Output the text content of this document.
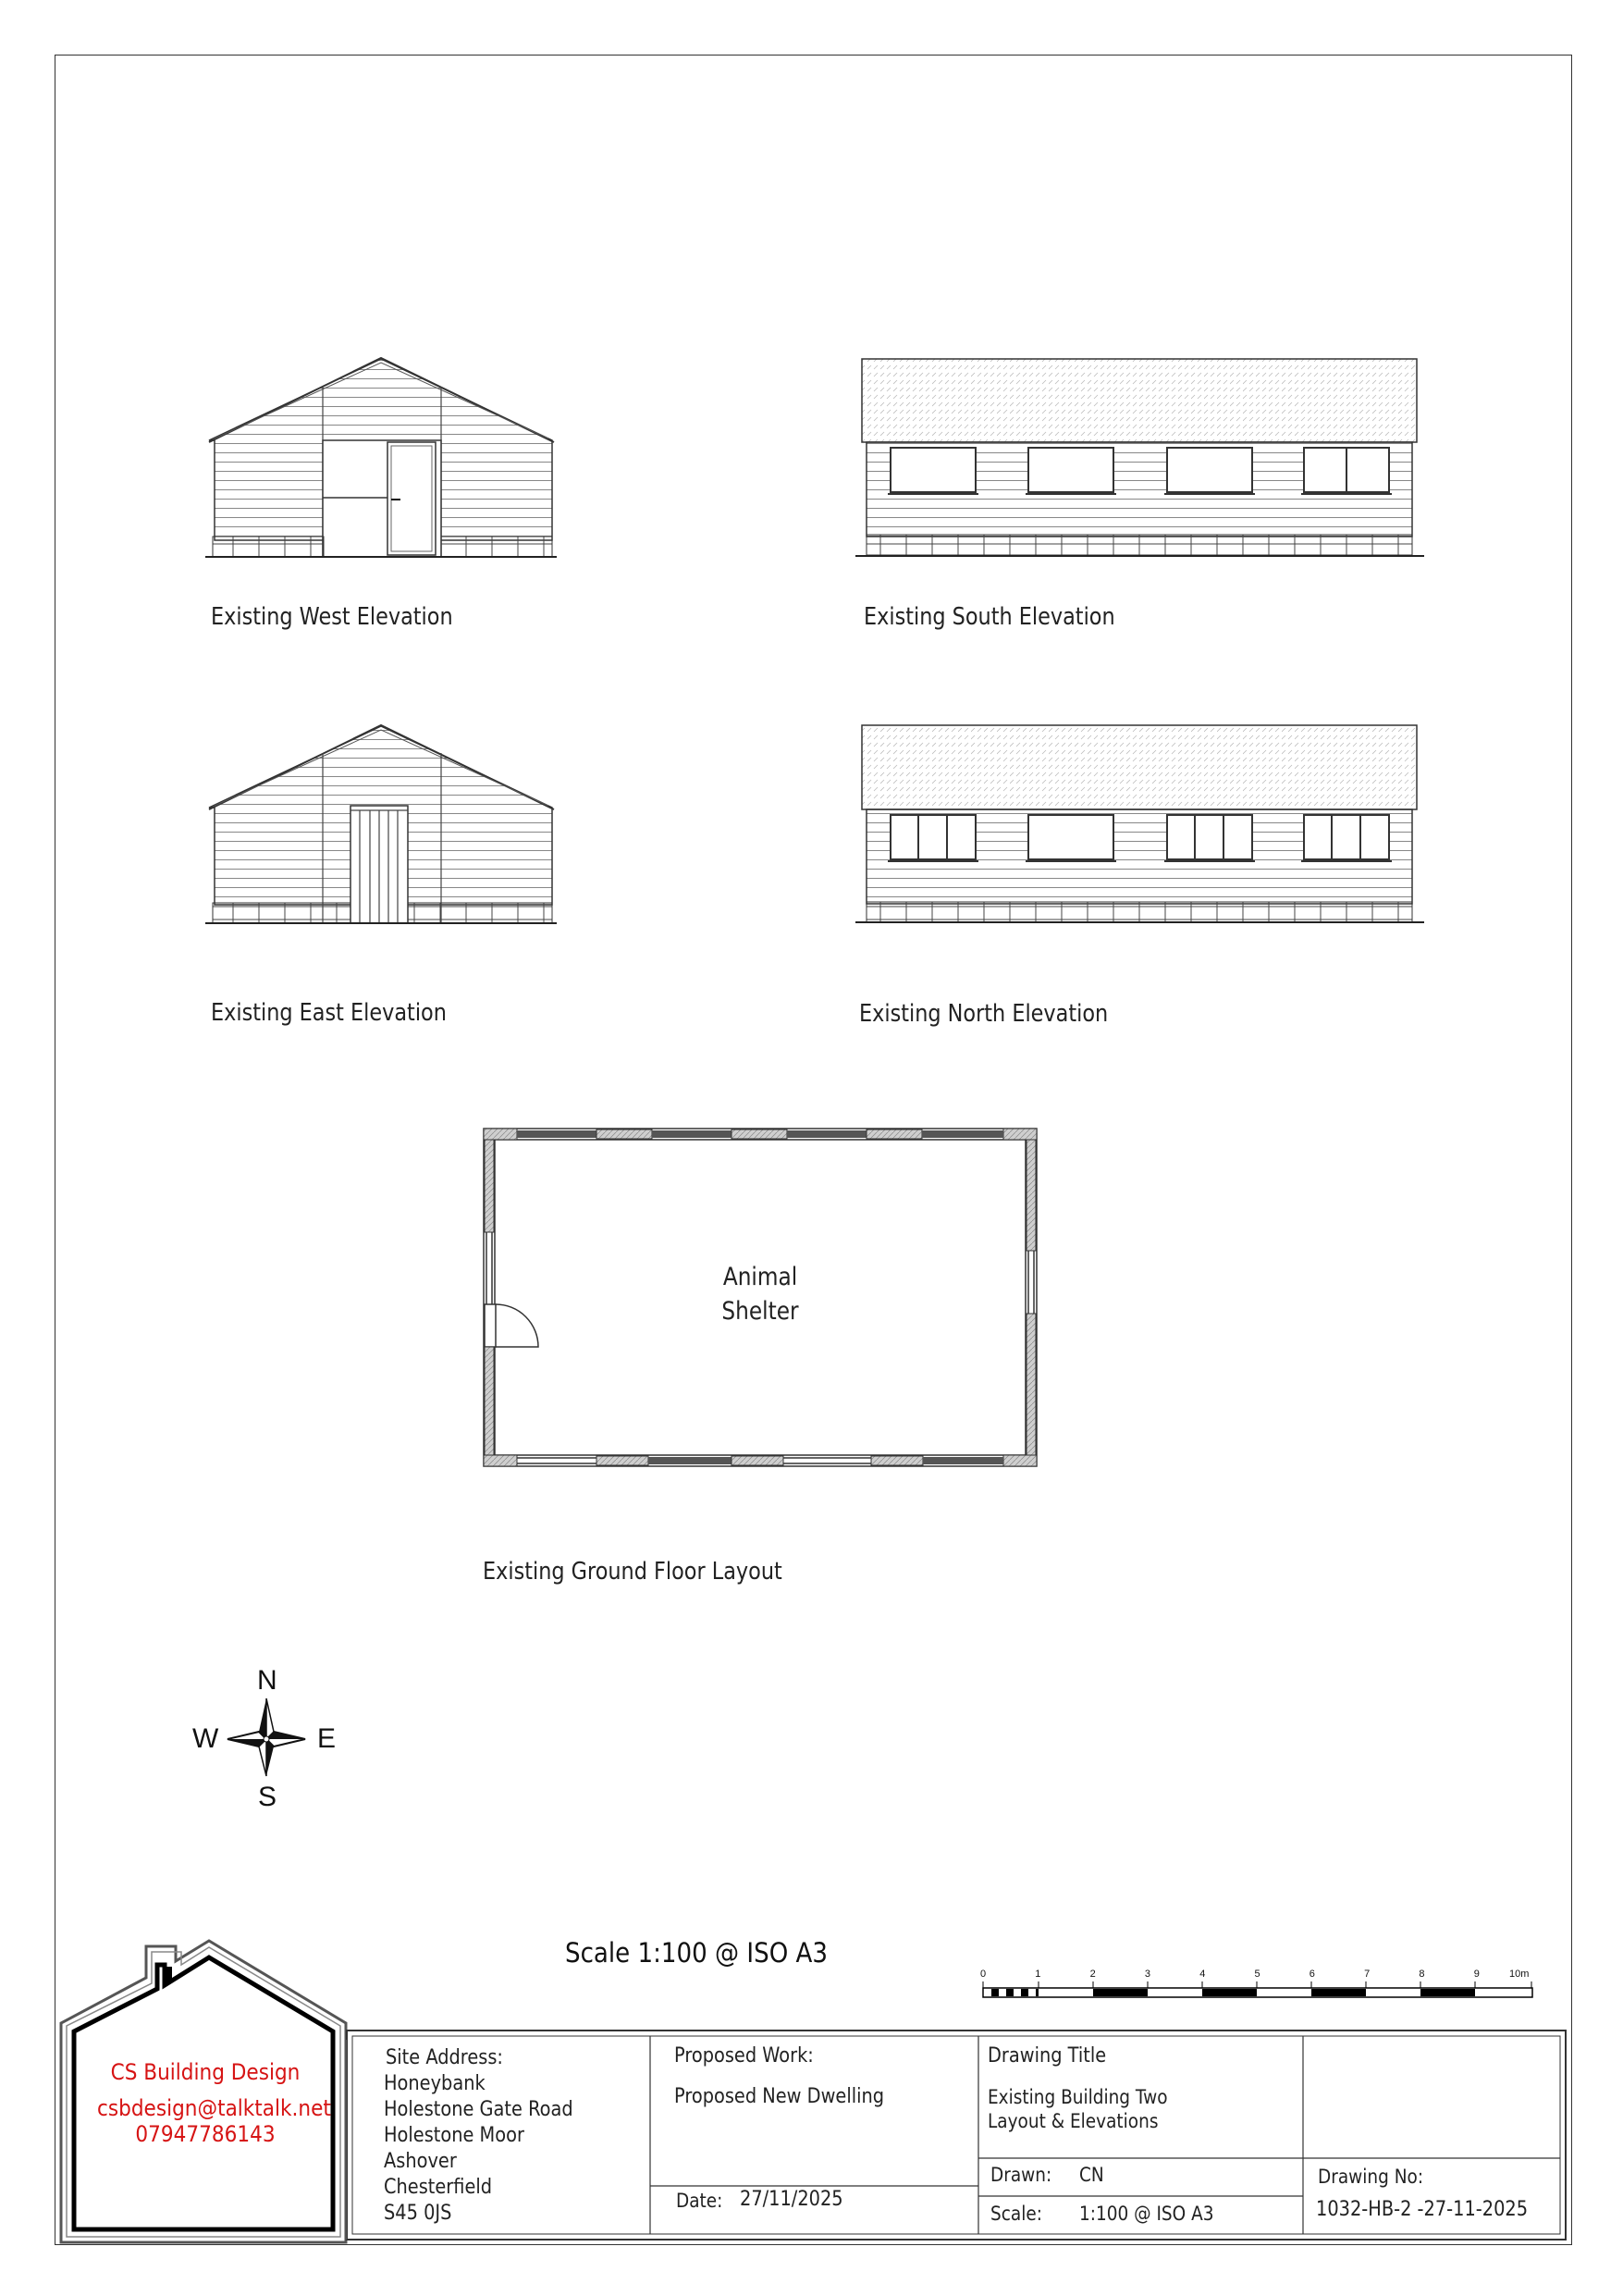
Existing West Elevation	Existing South Elevation
Existing East Elevation	Existing North Elevation
Existing Ground Floor Layout
Animal
Shelter
N
S
W	E
Scale 1:100 @ ISO A3
0	1	2	3	4	5	6	7	8	9	10m
CS Building Design
csbdesign@talktalk.net
07947786143
Site Address:
Honeybank
Holestone Gate Road
Holestone Moor
Ashover
Chesterfield
S45 0JS
Proposed Work:
Proposed New Dwelling
Date: 27/11/2025
Drawing Title
Existing Building Two
Layout & Elevations
Drawn: CN
Scale: 1:100 @ ISO A3
Drawing No:
1032-HB-2 -27-11-2025
